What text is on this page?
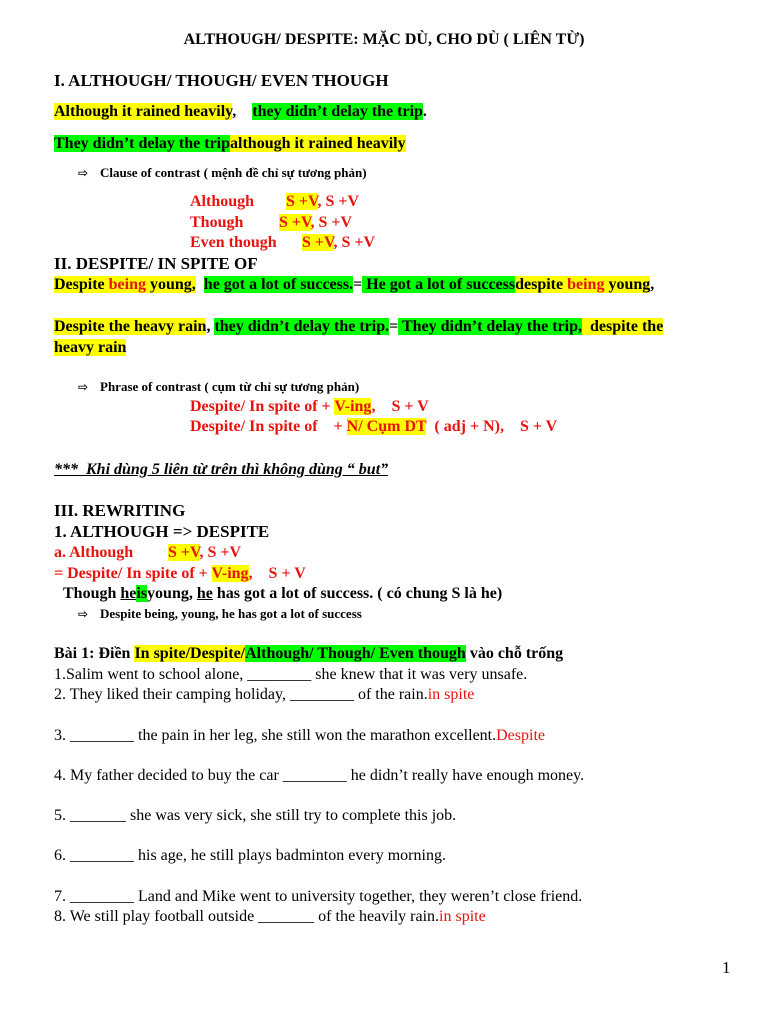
ALTHOUGH/ DESPITE: MẶC DÙ, CHO DÙ ( LIÊN TỪ)
I. ALTHOUGH/ THOUGH/ EVEN THOUGH
Although it rained heavily,    they didn’t delay the trip.
They didn’t delay the tripalthough it rained heavily
⇨ Clause of contrast ( mệnh đề chỉ sự tương phản)
Although S +V, S +V
Though S +V, S +V
Even though S +V, S +V
II. DESPITE/ IN SPITE OF
Despite being young, he got a lot of success.= He got a lot of successdespite being young,
Despite the heavy rain, they didn’t delay the trip.= They didn’t delay the trip,  despite the
heavy rain
⇨ Phrase of contrast ( cụm từ chỉ sự tương phản)
Despite/ In spite of + V-ing,    S + V
Despite/ In spite of    + N/ Cụm DT  ( adj + N),    S + V
***  Khi dùng 5 liên từ trên thì không dùng “ but”
III. REWRITING
1. ALTHOUGH => DESPITE
a. Although S +V, S +V
= Despite/ In spite of + V-ing,    S + V
Though heisyoung, he has got a lot of success. ( có chung S là he)
⇨ Despite being, young, he has got a lot of success
Bài 1: Điền In spite/Despite/Although/ Though/ Even though vào chỗ trống
1.Salim went to school alone, ________ she knew that it was very unsafe.
2. They liked their camping holiday, ________ of the rain.in spite
3. ________ the pain in her leg, she still won the marathon excellent.Despite
4. My father decided to buy the car ________ he didn’t really have enough money.
5. _______ she was very sick, she still try to complete this job.
6. ________ his age, he still plays badminton every morning.
7. ________ Land and Mike went to university together, they weren’t close friend.
8. We still play football outside _______ of the heavily rain.in spite
1
